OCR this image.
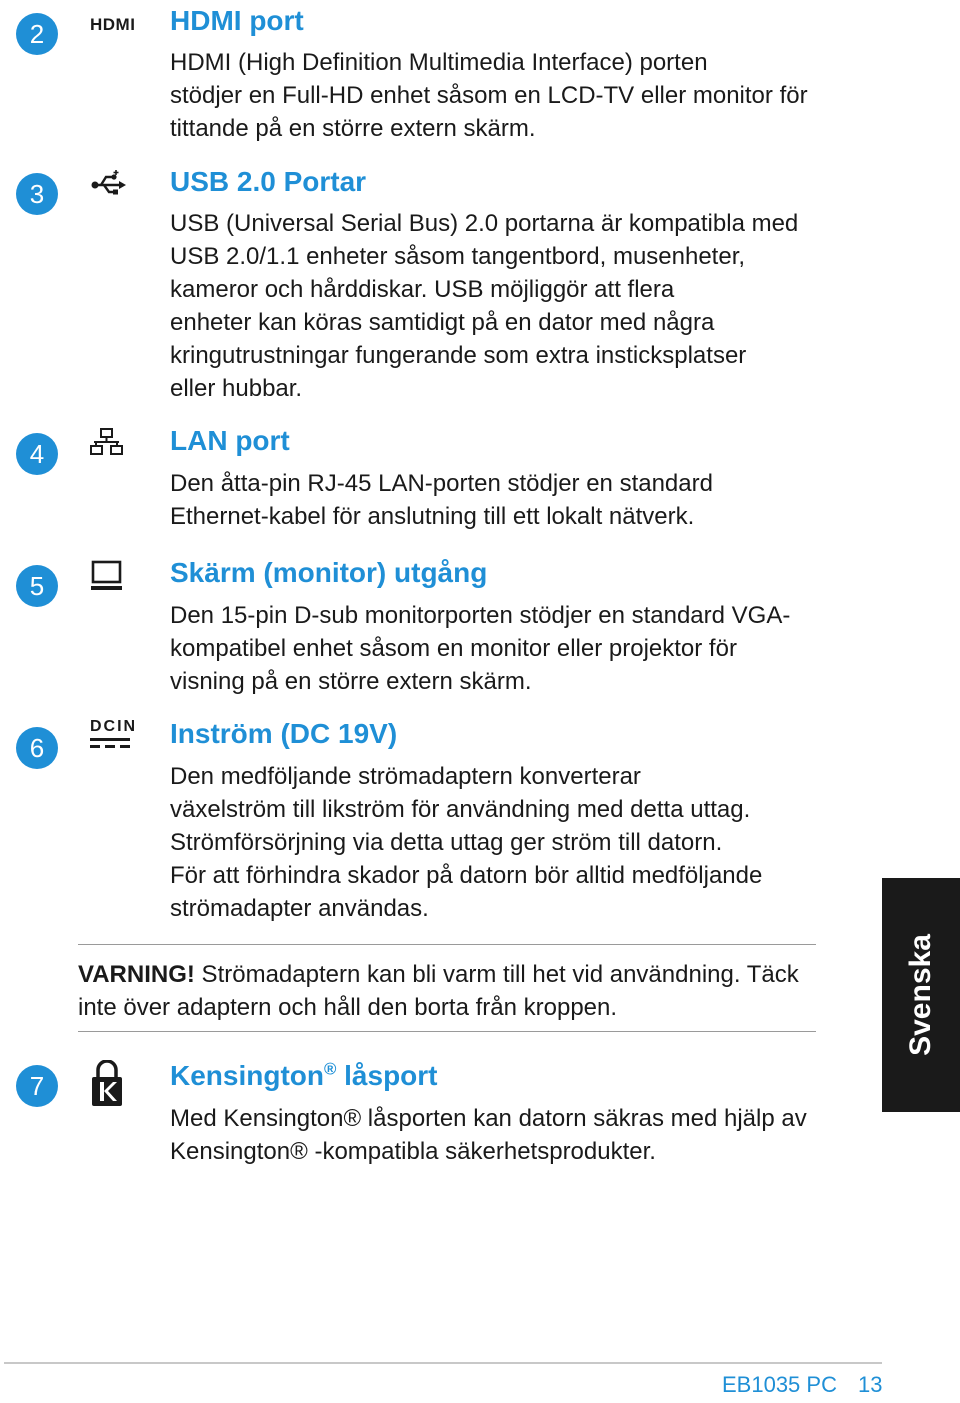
2	HDMI HDMI port
HDMI (High Definition Multimedia Interface) porten
stödjer en Full-HD enhet såsom en LCD-TV eller monitor för
tittande på en större extern skärm.
3	USB 2.0 Portar
USB (Universal Serial Bus) 2.0 portarna är kompatibla med
USB 2.0/1.1 enheter såsom tangentbord, musenheter,
kameror och hårddiskar. USB möjliggör att flera
enheter kan köras samtidigt på en dator med några
kringutrustningar fungerande som extra insticksplatser
eller hubbar.
4	LAN port
Den åtta-pin RJ-45 LAN-porten stödjer en standard
Ethernet-kabel för anslutning till ett lokalt nätverk.
5	Skärm (monitor) utgång
Den 15-pin D-sub monitorporten stödjer en standard VGA-
kompatibel enhet såsom en monitor eller projektor för
visning på en större extern skärm.
6
DCIN Inström (DC 19V)
Den medföljande strömadaptern konverterar
växelström till likström för användning med detta uttag.
Strömförsörjning via detta uttag ger ström till datorn.
För att förhindra skador på datorn bör alltid medföljande
strömadapter användas.
VARNING! Strömadaptern kan bli varm till het vid användning. Täck
inte över adaptern och håll den borta från kroppen.
7	Kensington® låsport
Med Kensington® låsporten kan datorn säkras med hjälp av
Kensington® -kompatibla säkerhetsprodukter.
Svenska
EB1035 PC 13
